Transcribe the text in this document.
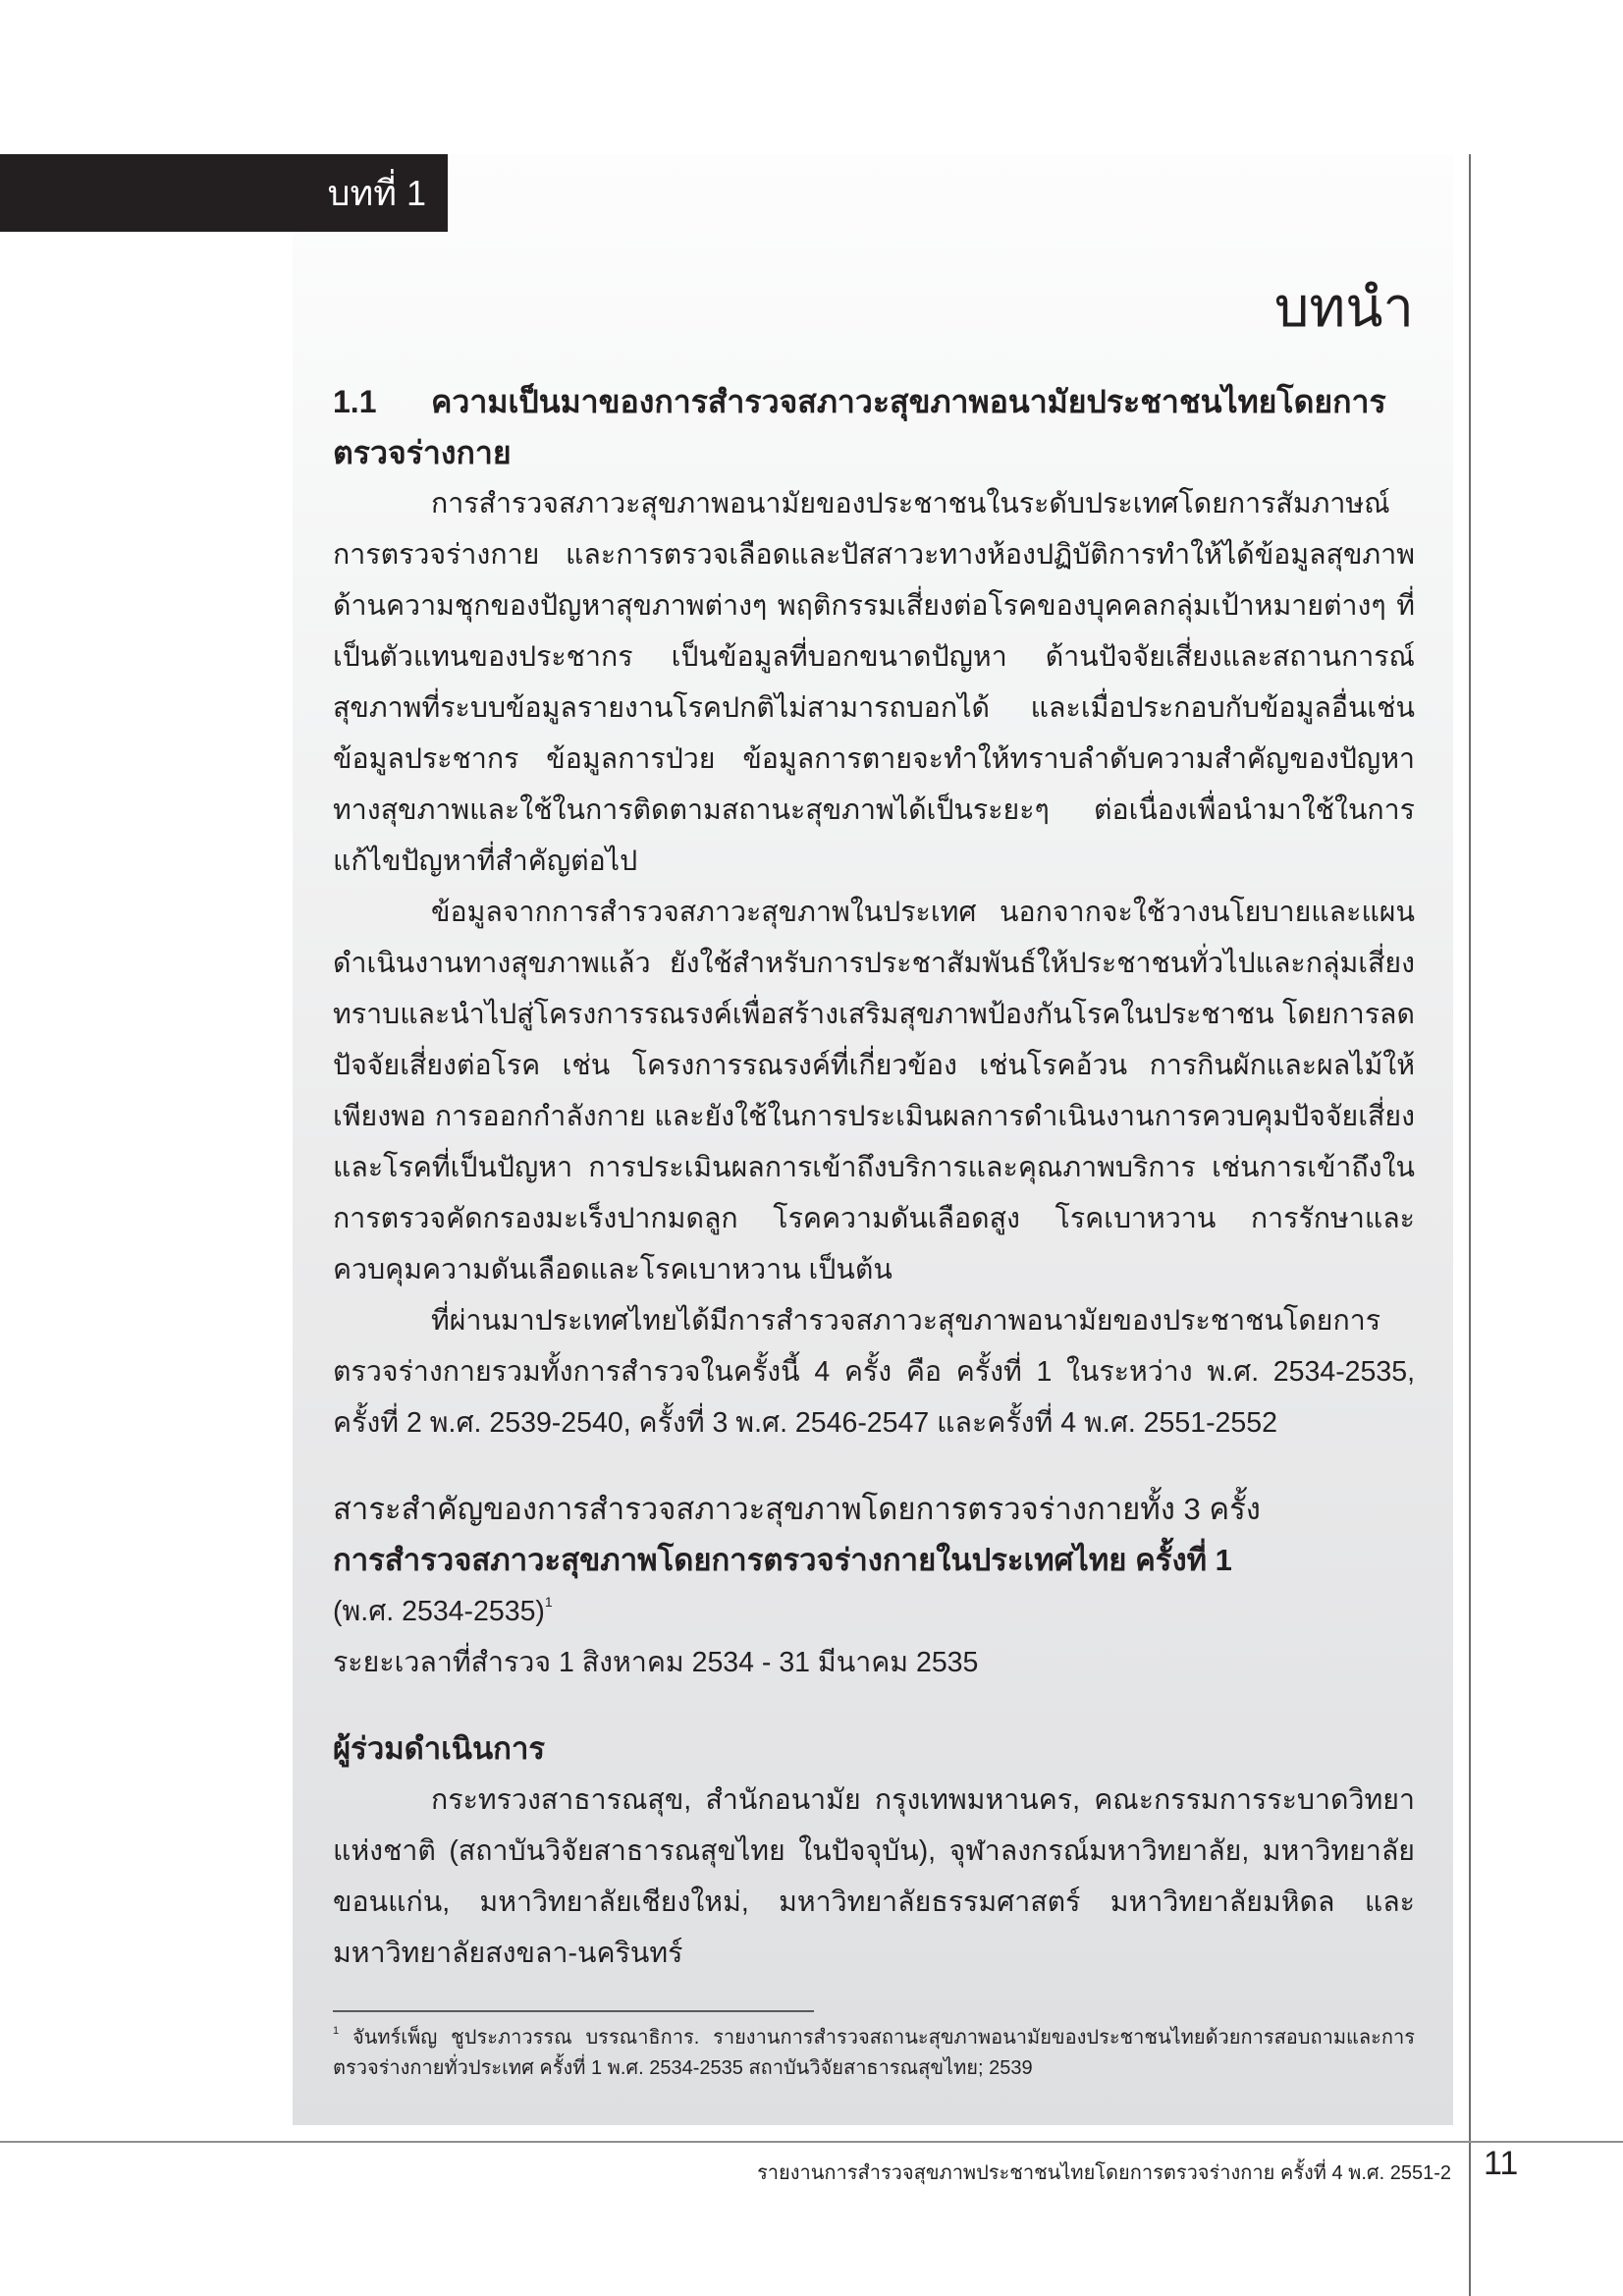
บทที่ 1
บทนำ
1.1 ความเป็นมาของการสำรวจสภาวะสุขภาพอนามัยประชาชนไทยโดยการตรวจร่างกาย

การสำรวจสภาวะสุขภาพอนามัยของประชาชนในระดับประเทศโดยการสัมภาษณ์ การตรวจร่างกาย และการตรวจเลือดและปัสสาวะทางห้องปฏิบัติการทำให้ได้ข้อมูลสุขภาพ ด้านความชุกของปัญหาสุขภาพต่างๆ พฤติกรรมเสี่ยงต่อโรคของบุคคลกลุ่มเป้าหมายต่างๆ ที่เป็นตัวแทนของประชากร เป็นข้อมูลที่บอกขนาดปัญหา ด้านปัจจัยเสี่ยงและสถานการณ์สุขภาพที่ระบบข้อมูลรายงานโรคปกติไม่สามารถบอกได้ และเมื่อประกอบกับข้อมูลอื่นเช่นข้อมูลประชากร ข้อมูลการป่วย ข้อมูลการตายจะทำให้ทราบลำดับความสำคัญของปัญหาทางสุขภาพและใช้ในการติดตามสถานะสุขภาพได้เป็นระยะๆ ต่อเนื่องเพื่อนำมาใช้ในการแก้ไขปัญหาที่สำคัญต่อไป

ข้อมูลจากการสำรวจสภาวะสุขภาพในประเทศ นอกจากจะใช้วางนโยบายและแผนดำเนินงานทางสุขภาพแล้ว ยังใช้สำหรับการประชาสัมพันธ์ให้ประชาชนทั่วไปและกลุ่มเสี่ยงทราบและนำไปสู่โครงการรณรงค์เพื่อสร้างเสริมสุขภาพป้องกันโรคในประชาชน โดยการลดปัจจัยเสี่ยงต่อโรค เช่น โครงการรณรงค์ที่เกี่ยวข้อง เช่นโรคอ้วน การกินผักและผลไม้ให้เพียงพอ การออกกำลังกาย และยังใช้ในการประเมินผลการดำเนินงานการควบคุมปัจจัยเสี่ยง และโรคที่เป็นปัญหา การประเมินผลการเข้าถึงบริการและคุณภาพบริการ เช่นการเข้าถึงในการตรวจคัดกรองมะเร็งปากมดลูก โรคความดันเลือดสูง โรคเบาหวาน การรักษาและควบคุมความดันเลือดและโรคเบาหวาน เป็นต้น

ที่ผ่านมาประเทศไทยได้มีการสำรวจสภาวะสุขภาพอนามัยของประชาชนโดยการตรวจร่างกายรวมทั้งการสำรวจในครั้งนี้ 4 ครั้ง คือ ครั้งที่ 1 ในระหว่าง พ.ศ. 2534-2535, ครั้งที่ 2 พ.ศ. 2539-2540, ครั้งที่ 3 พ.ศ. 2546-2547 และครั้งที่ 4 พ.ศ. 2551-2552

สาระสำคัญของการสำรวจสภาวะสุขภาพโดยการตรวจร่างกายทั้ง 3 ครั้ง

การสำรวจสภาวะสุขภาพโดยการตรวจร่างกายในประเทศไทย ครั้งที่ 1

(พ.ศ. 2534-2535)$^1$

ระยะเวลาที่สำรวจ 1 สิงหาคม 2534 - 31 มีนาคม 2535

ผู้ร่วมดำเนินการ

กระทรวงสาธารณสุข, สำนักอนามัย กรุงเทพมหานคร, คณะกรรมการระบาดวิทยาแห่งชาติ (สถาบันวิจัยสาธารณสุขไทย ในปัจจุบัน), จุฬาลงกรณ์มหาวิทยาลัย, มหาวิทยาลัยขอนแก่น, มหาวิทยาลัยเชียงใหม่, มหาวิทยาลัยธรรมศาสตร์ มหาวิทยาลัยมหิดล และมหาวิทยาลัยสงขลา-นครินทร์

$^1$ จันทร์เพ็ญ ชูประภาวรรณ บรรณาธิการ. รายงานการสำรวจสถานะสุขภาพอนามัยของประชาชนไทยด้วยการสอบถามและการตรวจร่างกายทั่วประเทศ ครั้งที่ 1 พ.ศ. 2534-2535 สถาบันวิจัยสาธารณสุขไทย; 2539
รายงานการสำรวจสุขภาพประชาชนไทยโดยการตรวจร่างกาย ครั้งที่ 4 พ.ศ. 2551-2 11
